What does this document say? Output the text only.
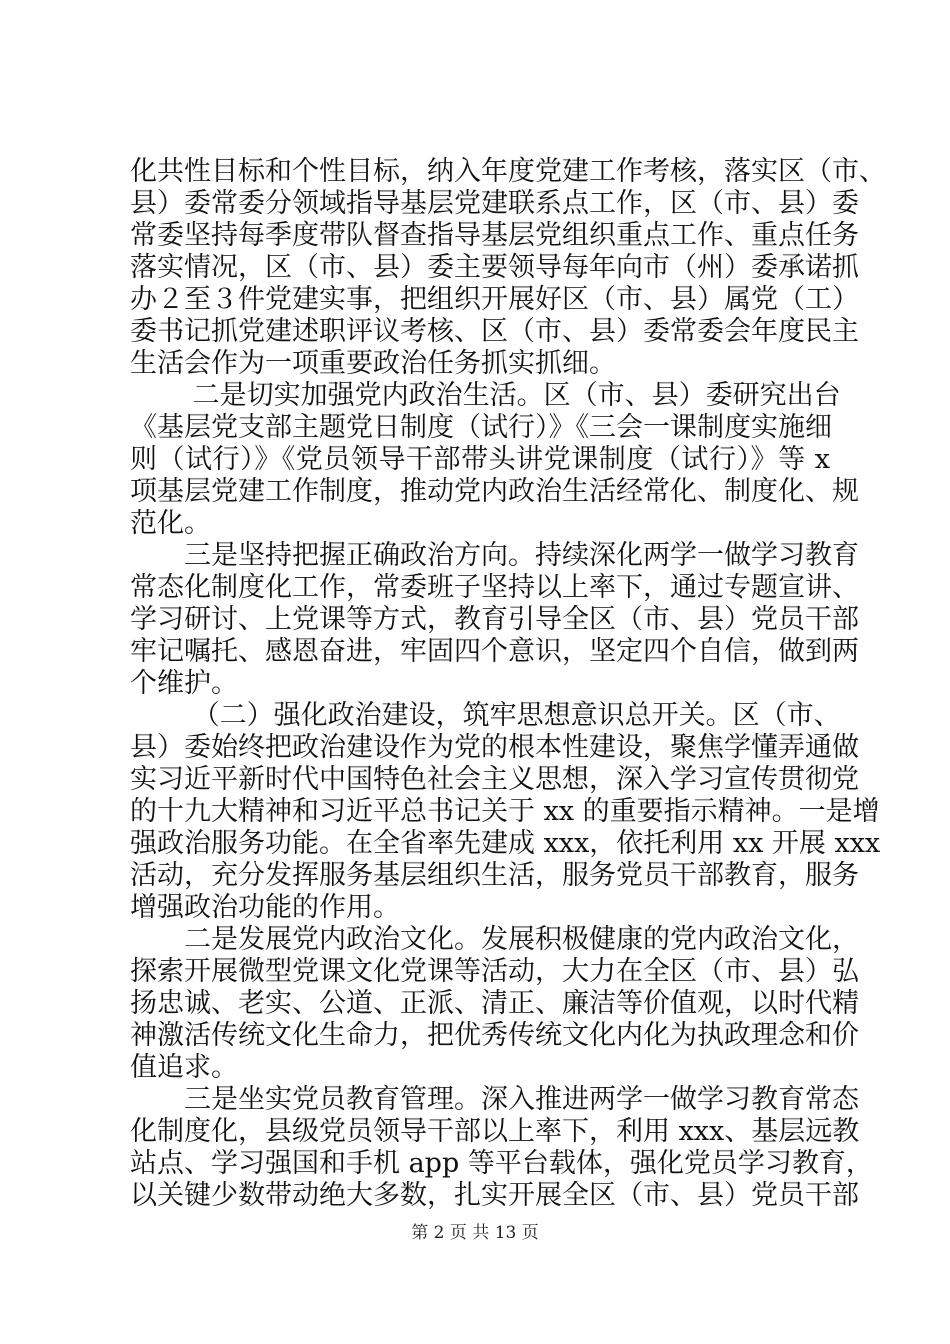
化共性目标和个性目标，纳入年度党建工作考核，落实区（市、
县）委常委分领域指导基层党建联系点工作，区（市、县）委
常委坚持每季度带队督查指导基层党组织重点工作、重点任务
落实情况，区（市、县）委主要领导每年向市（州）委承诺抓
办２至３件党建实事，把组织开展好区（市、县）属党（工）
委书记抓党建述职评议考核、区（市、县）委常委会年度民主
生活会作为一项重要政治任务抓实抓细。
　　 二是切实加强党内政治生活。区（市、县）委研究出台
《基层党支部主题党日制度（试行）》《三会一课制度实施细
则（试行）》《党员领导干部带头讲党课制度（试行）》等 x
项基层党建工作制度，推动党内政治生活经常化、制度化、规
范化。
　　三是坚持把握正确政治方向。持续深化两学一做学习教育
常态化制度化工作，常委班子坚持以上率下，通过专题宣讲、
学习研讨、上党课等方式，教育引导全区（市、县）党员干部
牢记嘱托、感恩奋进，牢固四个意识，坚定四个自信，做到两
个维护。
　　 （二）强化政治建设，筑牢思想意识总开关。区（市、
县）委始终把政治建设作为党的根本性建设，聚焦学懂弄通做
实习近平新时代中国特色社会主义思想，深入学习宣传贯彻党
的十九大精神和习近平总书记关于 xx 的重要指示精神。一是增
强政治服务功能。在全省率先建成 xxx，依托利用 xx 开展 xxx
活动，充分发挥服务基层组织生活，服务党员干部教育，服务
增强政治功能的作用。
　　二是发展党内政治文化。发展积极健康的党内政治文化，
探索开展微型党课文化党课等活动，大力在全区（市、县）弘
扬忠诚、老实、公道、正派、清正、廉洁等价值观，以时代精
神激活传统文化生命力，把优秀传统文化内化为执政理念和价
值追求。
　　三是坐实党员教育管理。深入推进两学一做学习教育常态
化制度化，县级党员领导干部以上率下，利用 xxx、基层远教
站点、学习强国和手机 app 等平台载体，强化党员学习教育，
以关键少数带动绝大多数，扎实开展全区（市、县）党员干部
第 2 页 共 13 页
